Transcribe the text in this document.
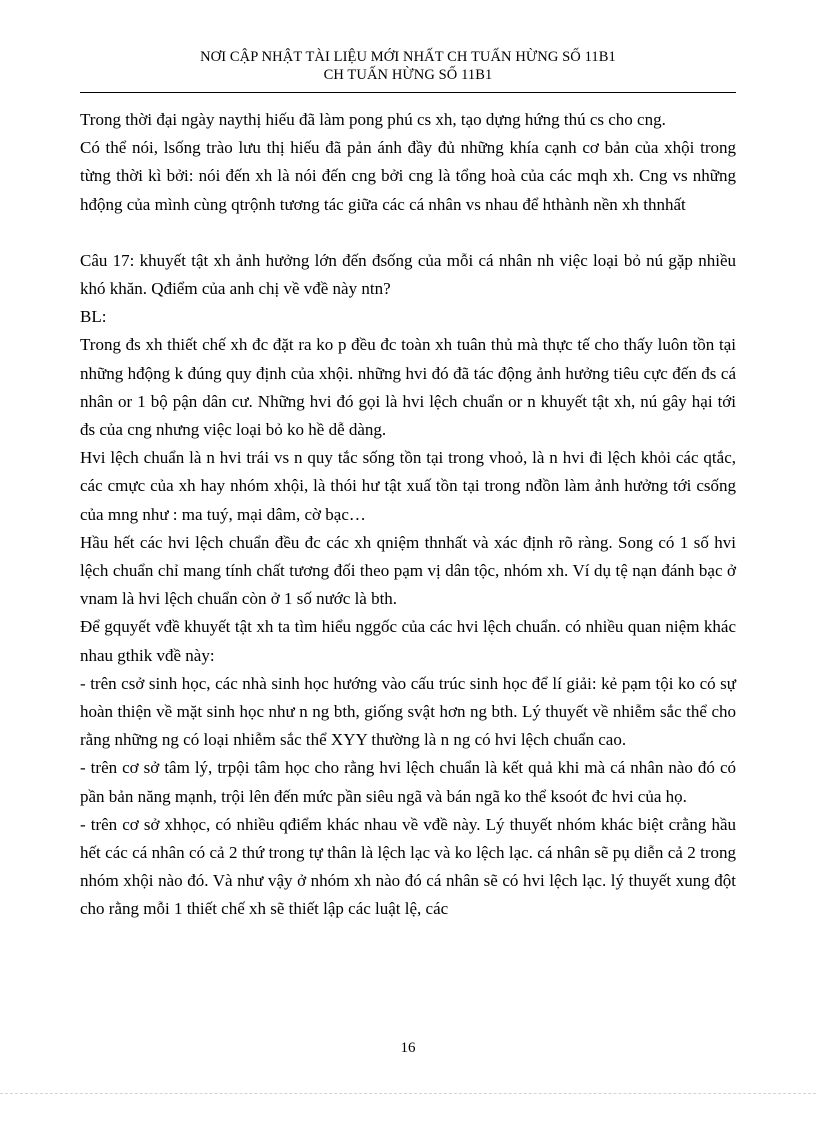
NƠI CẬP NHẬT TÀI LIỆU MỚI NHẤT CH TUẤN HỪNG SỐ 11B1
CH TUẤN HỪNG SỐ 11B1

Trong thời đại ngày naythị hiếu đã làm pong phú cs xh, tạo dựng hứng thú cs cho cng.

Có thể nói, lsống trào lưu thị hiếu đã pản ánh đầy đủ những khía cạnh cơ bản của xhội trong từng thời kì bởi: nói đến xh là nói đến cng bởi cng là tổng hoà của các mqh xh. Cng vs những hđộng của mình cùng qtrộnh tương tác giữa các cá nhân vs nhau để hthành nền xh thnhất

Câu 17: khuyết tật xh ảnh hưởng lớn đến đsống của mỗi cá nhân nh việc loại bỏ nú gặp nhiều khó khăn. Qđiểm của anh chị về vđề này ntn?

BL:

Trong đs xh thiết chế xh đc đặt ra ko p đều đc toàn xh tuân thủ mà thực tế cho thấy luôn tồn tại những hđộng k đúng quy định của xhội. những hvi đó đã tác động ảnh hưởng tiêu cực đến đs cá nhân or 1 bộ pận dân cư. Những hvi đó gọi là hvi lệch chuẩn or n khuyết tật xh, nú gây hại tới đs của cng nhưng việc loại bỏ ko hề dễ dàng.

Hvi lệch chuẩn là n hvi trái vs n quy tắc sống tồn tại trong vhoỏ, là n hvi đi lệch khỏi các qtắc, các cmực của xh hay nhóm xhội, là thói hư tật xuấ tồn tại trong nđồn làm ảnh hưởng tới csống của mng như : ma tuý, mại dâm, cờ bạc…

Hầu hết các hvi lệch chuẩn đều đc các xh qniệm thnhất và xác định rõ ràng. Song có 1 số hvi lệch chuẩn chỉ mang tính chất tương đối theo pạm vị dân tộc, nhóm xh. Ví dụ tệ nạn đánh bạc ở vnam là hvi lệch chuẩn còn ở 1 số nước là bth.

Để gquyết vđề khuyết tật xh ta tìm hiểu nggốc của các hvi lệch chuẩn. có nhiều quan niệm khác nhau gthik vđề này:

- trên csở sinh học, các nhà sinh học hướng vào cấu trúc sinh học để lí giải: kẻ pạm tội ko có sự hoàn thiện về mặt sinh học như n ng bth, giống svật hơn ng bth. Lý thuyết về nhiễm sắc thể cho rằng những ng có loại nhiễm sắc thể XYY thường là n ng có hvi lệch chuẩn cao.

- trên cơ sở tâm lý, trpội tâm học cho rằng hvi lệch chuẩn là kết quả khi mà cá nhân nào đó có pần bản năng mạnh, trội lên đến mức pần siêu ngã và bán ngã ko thể ksoót đc hvi của họ.

- trên cơ sở xhhọc, có nhiều qđiểm khác nhau về vđề này. Lý thuyết nhóm khác biệt crằng hầu hết các cá nhân có cả 2 thứ trong tự thân là lệch lạc và ko lệch lạc. cá nhân sẽ pụ diễn cả 2 trong nhóm xhội nào đó. Và như vậy ở nhóm xh nào đó cá nhân sẽ có hvi lệch lạc. lý thuyết xung đột cho rằng mỗi 1 thiết chế xh sẽ thiết lập các luật lệ, các

16
